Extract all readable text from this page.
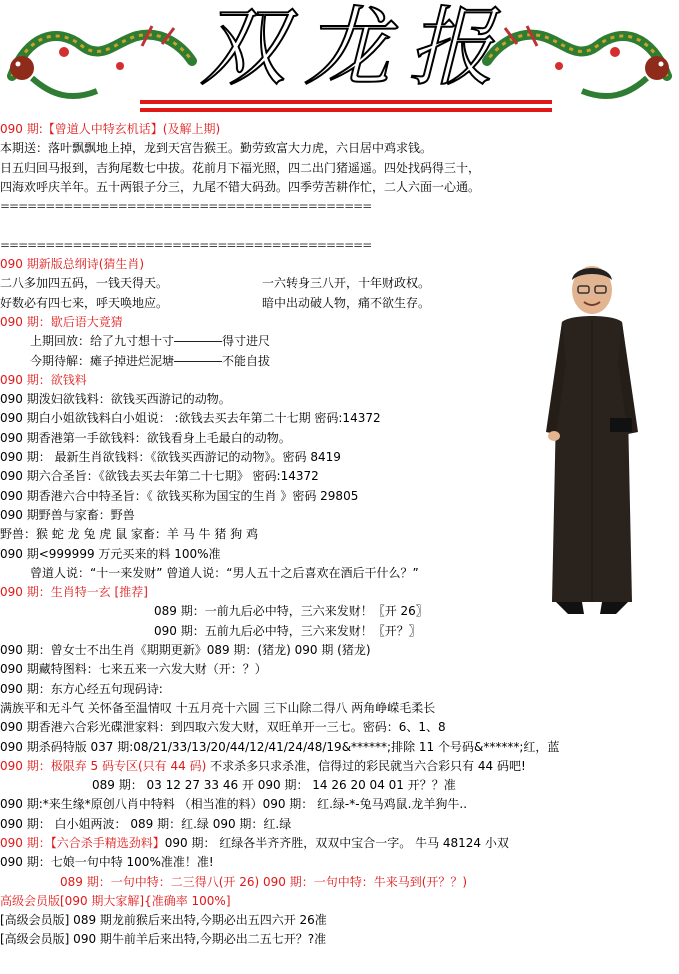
双龙报
090 期:【曾道人中特玄机话】(及解上期)
本期送：落叶飘飘地上掉，龙到天宫告猴王。勤劳致富大力虎，六日居中鸡求钱。
日五归回马报到，吉狗尾数七中拔。花前月下福光照，四二出门猪遥遥。四处找码得三十，
四海欢呼庆羊年。五十两银子分三，九尾不错大码劲。四季劳苦耕作忙，二人六面一心通。
=========================================
=========================================
090 期新版总纲诗(猜生肖)
二八多加四五码，一钱天得天。	一六转身三八开，十年财政权。
好数必有四七来，呼天唤地应。	暗中出动破人物，痛不欲生存。
090 期：歇后语大竟猜
上期回放：给了九寸想十寸――――得寸进尺
今期待解：瘫子掉进烂泥塘――――不能自拔
090 期：欲钱料
090 期泼妇欲钱料：欲钱买西游记的动物。
090 期白小姐欲钱料白小姐说： :欲钱去买去年第二十七期 密码:14372
090 期香港第一手欲钱料：欲钱看身上毛最白的动物。
090 期： 最新生肖欲钱料：《欲钱买西游记的动物》。密码 8419
090 期六合圣旨：《欲钱去买去年第二十七期》 密码:14372
090 期香港六合中特圣旨：《 欲钱买称为国宝的生肖 》密码 29805
090 期野兽与家畜：野兽
野兽：猴 蛇 龙 兔 虎 鼠 家畜：羊 马 牛 猪 狗 鸡
090 期<999999 万元买来的料 100%准
曾道人说：“十一来发财” 曾道人说：“男人五十之后喜欢在酒后干什么？”
090 期：生肖特一玄 [推荐]
089 期：一前九后必中特，三六来发财！〖开 26〗
090 期：五前九后必中特，三六来发财！〖开？〗
090 期：曾女士不出生肖《期期更新》089 期：(猪龙) 090 期 (猪龙)
090 期藏特图料：七来五来一六发大财（开：？）
090 期：东方心经五句现码诗:
满族平和无斗气 关怀备至温情叹 十五月亮十六圆 三下山除二得八 两角峥嵘毛柔长
090 期香港六合彩光碟泄家料：到四取六发大财，双旺单开一三七。密码：6、1、8
090 期杀码特版 037 期:08/21/33/13/20/44/12/41/24/48/19&******;排除 11 个号码&******;红，蓝
090 期：极限弃 5 码专区(只有 44 码) 不求杀多只求杀准，信得过的彩民就当六合彩只有 44 码吧!
089 期： 03 12 27 33 46 开 090 期： 14 26 20 04 01 开？？准
090 期:*来生缘*原创八肖中特料 （相当准的料）090 期： 红.绿-*-兔马鸡鼠.龙羊狗牛..
090 期： 白小姐两波： 089 期：红.绿 090 期：红.绿
090 期：【六合杀手精选劲料】090 期： 红绿各半齐齐胜，双双中宝合一字。 牛马 48124 小双
090 期：七娘一句中特 100%准准！准!
089 期：一句中特：二三得八(开 26) 090 期：一句中特：牛来马到(开？？)
高级会员版[090 期大家解]{准确率 100%]
[高级会员版] 089 期龙前猴后来出特,今期必出五四六开 26准
[高级会员版] 090 期牛前羊后来出特,今期必出二五七开？?准
